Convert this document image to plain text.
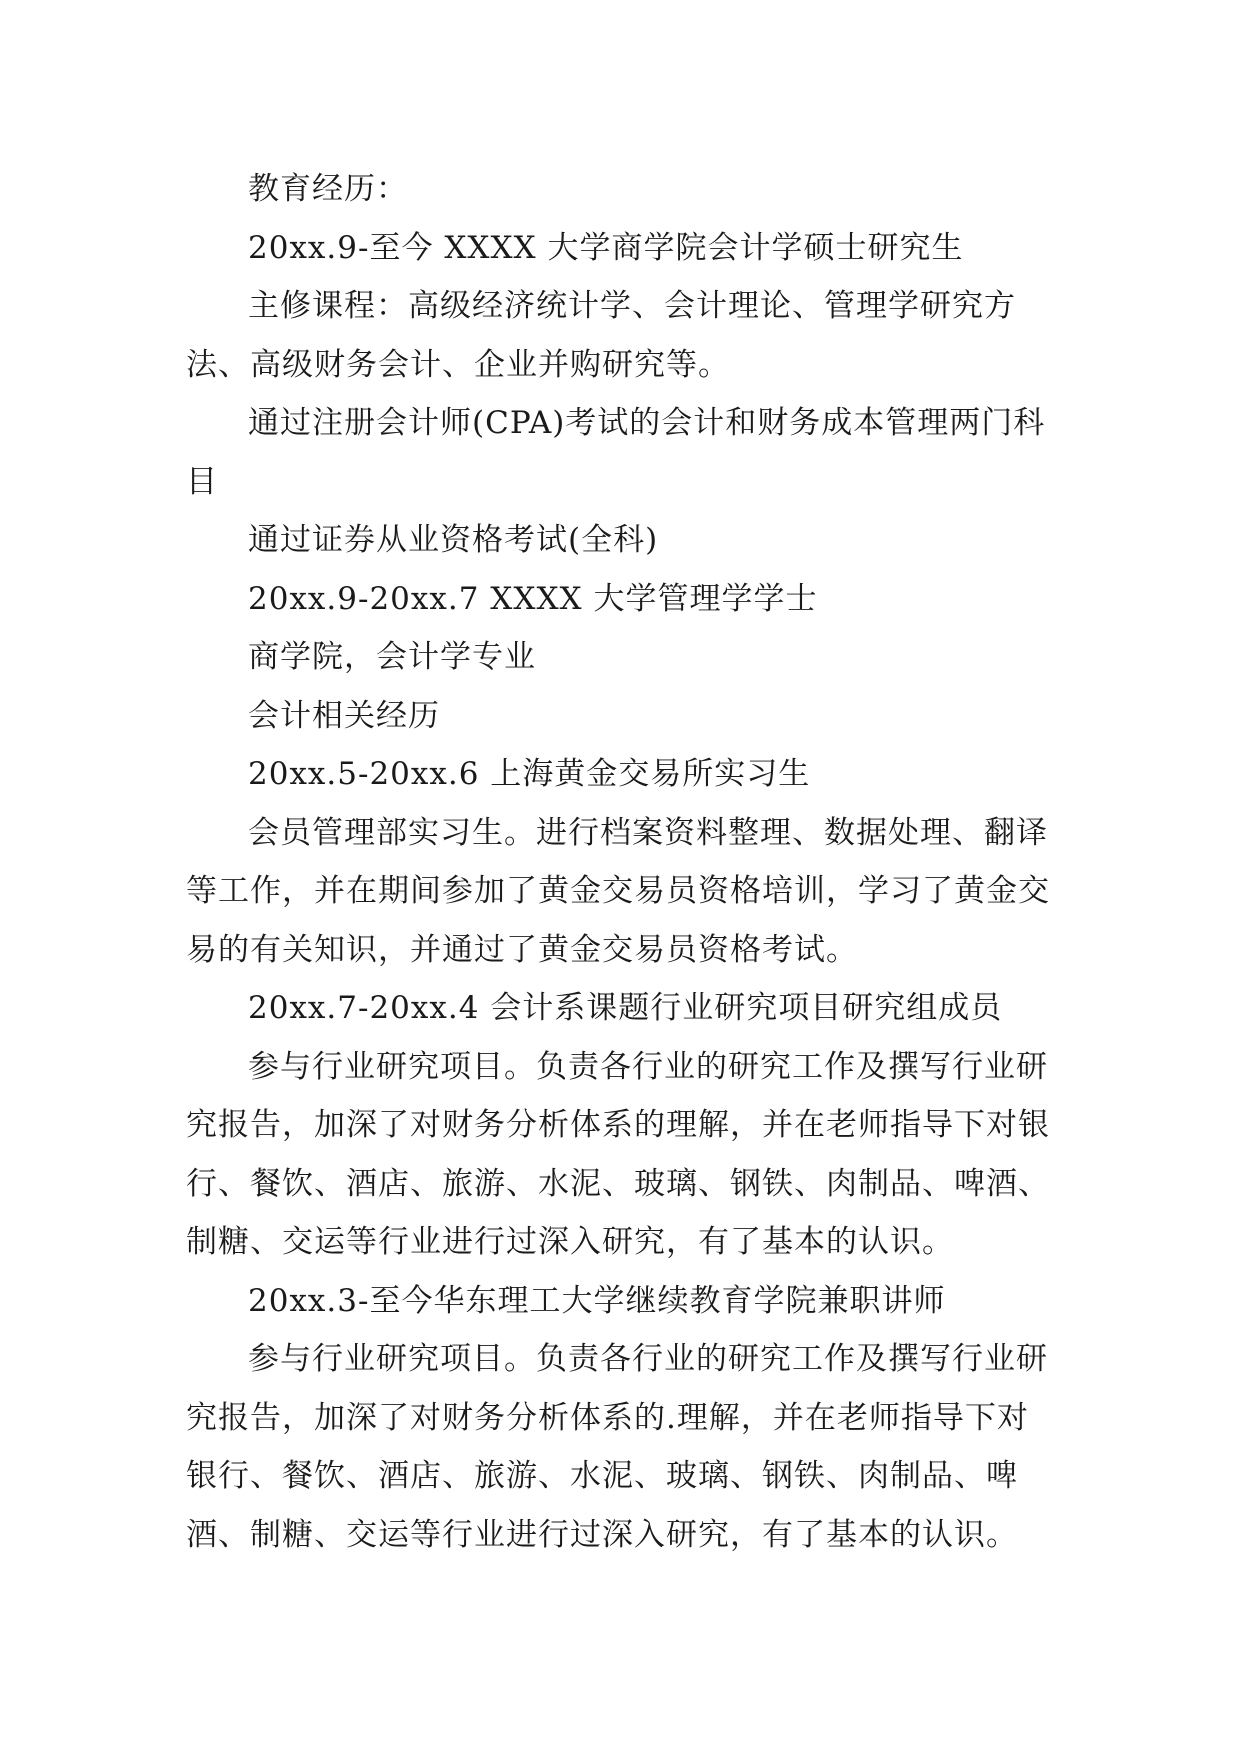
教育经历：

20xx.9-至今 XXXX 大学商学院会计学硕士研究生

主修课程：高级经济统计学、会计理论、管理学研究方法、高级财务会计、企业并购研究等。

通过注册会计师(CPA)考试的会计和财务成本管理两门科目

通过证券从业资格考试(全科)

20xx.9-20xx.7 XXXX 大学管理学学士

商学院，会计学专业

会计相关经历

20xx.5-20xx.6 上海黄金交易所实习生

会员管理部实习生。进行档案资料整理、数据处理、翻译等工作，并在期间参加了黄金交易员资格培训，学习了黄金交易的有关知识，并通过了黄金交易员资格考试。

20xx.7-20xx.4 会计系课题行业研究项目研究组成员

参与行业研究项目。负责各行业的研究工作及撰写行业研究报告，加深了对财务分析体系的理解，并在老师指导下对银行、餐饮、酒店、旅游、水泥、玻璃、钢铁、肉制品、啤酒、制糖、交运等行业进行过深入研究，有了基本的认识。

20xx.3-至今华东理工大学继续教育学院兼职讲师

参与行业研究项目。负责各行业的研究工作及撰写行业研究报告，加深了对财务分析体系的.理解，并在老师指导下对银行、餐饮、酒店、旅游、水泥、玻璃、钢铁、肉制品、啤酒、制糖、交运等行业进行过深入研究，有了基本的认识。
